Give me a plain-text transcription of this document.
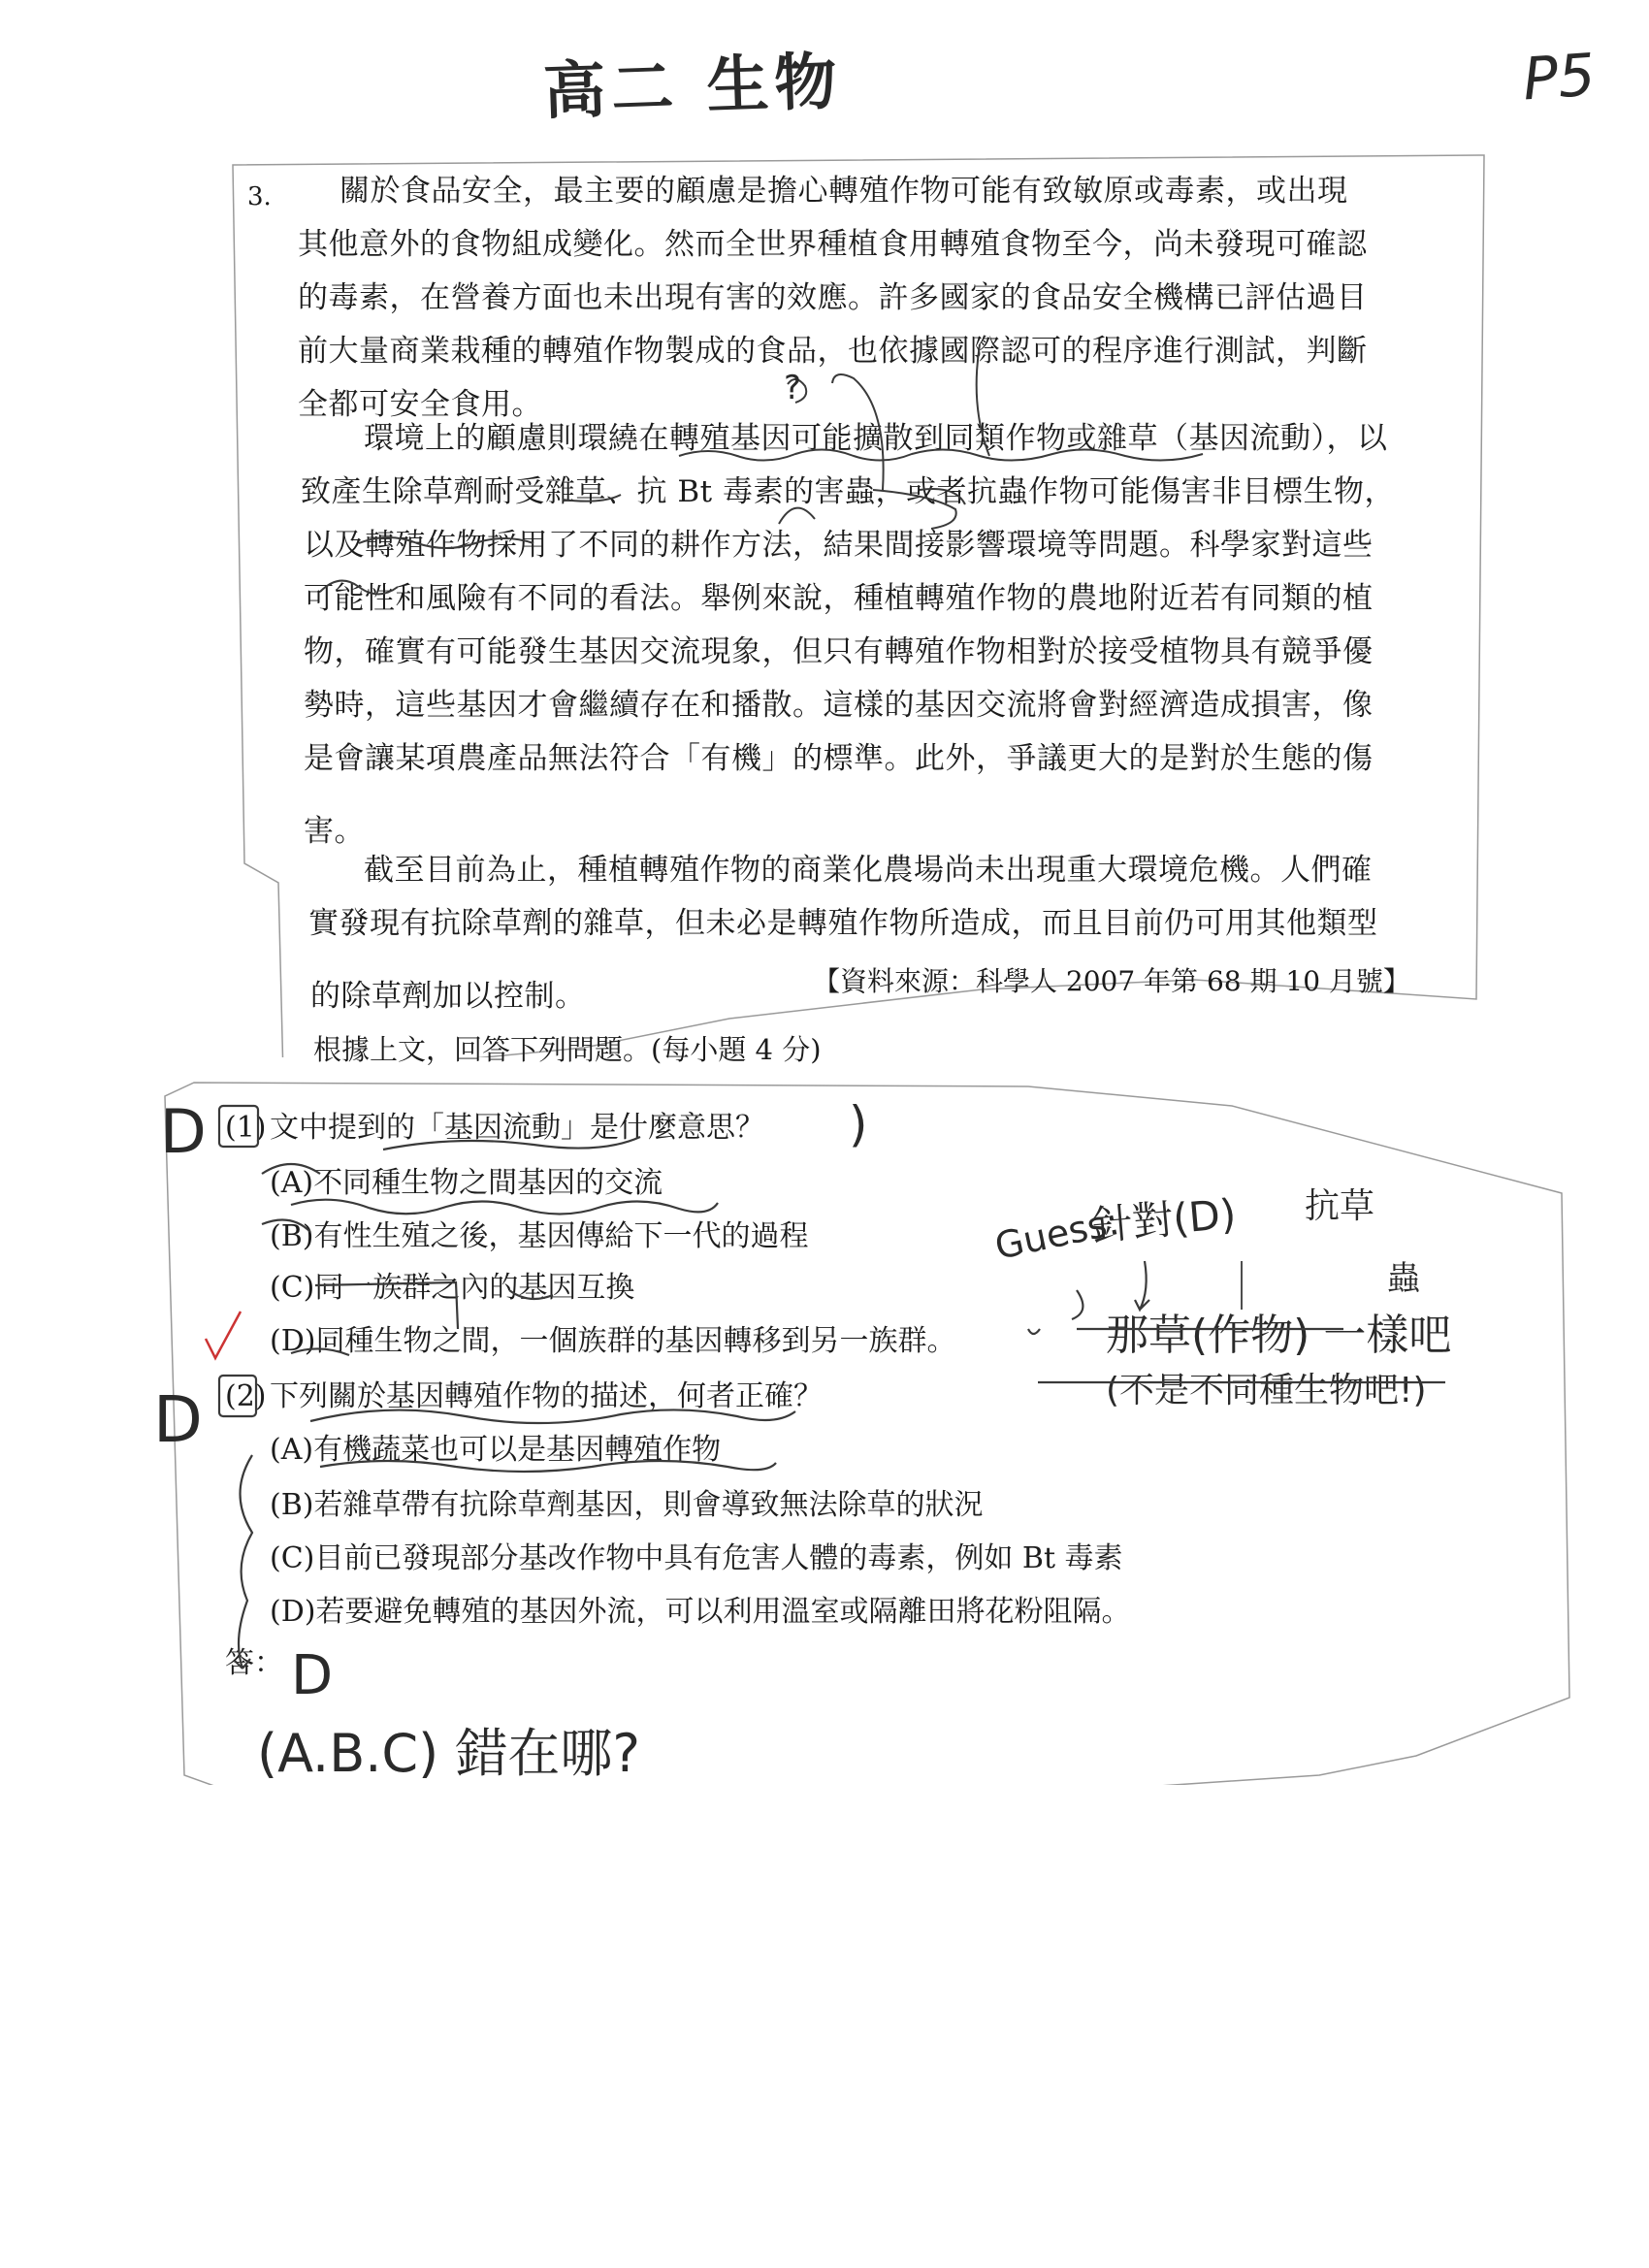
高二 生物	P5
3. 關於食品安全，最主要的顧慮是擔心轉殖作物可能有致敏原或毒素，或出現
其他意外的食物組成變化。然而全世界種植食用轉殖食物至今，尚未發現可確認
的毒素，在營養方面也未出現有害的效應。許多國家的食品安全機構已評估過目
前大量商業栽種的轉殖作物製成的食品，也依據國際認可的程序進行測試，判斷
全都可安全食用。
環境上的顧慮則環繞在轉殖基因可能擴散到同類作物或雜草（基因流動），以
致產生除草劑耐受雜草、抗 Bt 毒素的害蟲，或者抗蟲作物可能傷害非目標生物，
以及轉殖作物採用了不同的耕作方法，結果間接影響環境等問題。科學家對這些
可能性和風險有不同的看法。舉例來說，種植轉殖作物的農地附近若有同類的植
物，確實有可能發生基因交流現象，但只有轉殖作物相對於接受植物具有競爭優
勢時，這些基因才會繼續存在和播散。這樣的基因交流將會對經濟造成損害，像
是會讓某項農產品無法符合「有機」的標準。此外，爭議更大的是對於生態的傷
害。
截至目前為止，種植轉殖作物的商業化農場尚未出現重大環境危機。人們確
實發現有抗除草劑的雜草，但未必是轉殖作物所造成，而且目前仍可用其他類型
的除草劑加以控制。	【資料來源：科學人 2007 年第 68 期 10 月號】
根據上文，回答下列問題。(每小題 4 分)
(1) 文中提到的「基因流動」是什麼意思？
(A)不同種生物之間基因的交流
(B)有性生殖之後，基因傳給下一代的過程
(C)同一族群之內的基因互換
(D)同種生物之間，一個族群的基因轉移到另一族群。
(2) 下列關於基因轉殖作物的描述，何者正確？
(A)有機蔬菜也可以是基因轉殖作物
(B)若雜草帶有抗除草劑基因，則會導致無法除草的狀況
(C)目前已發現部分基改作物中具有危害人體的毒素，例如 Bt 毒素
(D)若要避免轉殖的基因外流，可以利用溫室或隔離田將花粉阻隔。
答：
D
D
D
)
(A.B.C) 錯在哪?
Guess:
針對(D) 抗草
蟲
那草(作物) 一樣吧
(不是不同種生物吧!)
?
